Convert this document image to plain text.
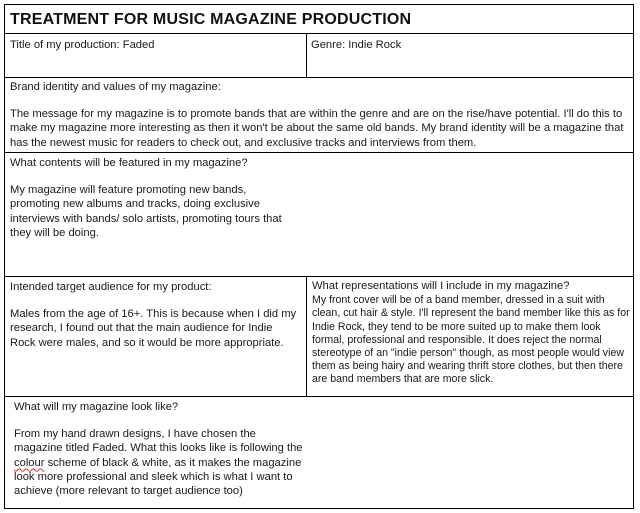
TREATMENT FOR MUSIC MAGAZINE PRODUCTION
Title of my production: Faded	Genre: Indie Rock
Brand identity and values of my magazine:
The message for my magazine is to promote bands that are within the genre and are on the rise/have potential. I'll do this to make my magazine more interesting as then it won't be about the same old bands. My brand identity will be a magazine that has the newest music for readers to check out, and exclusive tracks and interviews from them.
What contents will be featured in my magazine?
My magazine will feature promoting new bands, promoting new albums and tracks, doing exclusive interviews with bands/ solo artists, promoting tours that they will be doing.
Intended target audience for my product:
Males from the age of 16+. This is because when I did my research, I found out that the main audience for Indie Rock were males, and so it would be more appropriate.
What representations will I include in my magazine?
My front cover will be of a band member, dressed in a suit with clean, cut hair & style. I'll represent the band member like this as for Indie Rock, they tend to be more suited up to make them look formal, professional and responsible. It does reject the normal stereotype of an "indie person" though, as most people would view them as being hairy and wearing thrift store clothes, but then there are band members that are more slick.
What will my magazine look like?
From my hand drawn designs, I have chosen the magazine titled Faded. What this looks like is following the colour scheme of black & white, as it makes the magazine look more professional and sleek which is what I want to achieve (more relevant to target audience too)
